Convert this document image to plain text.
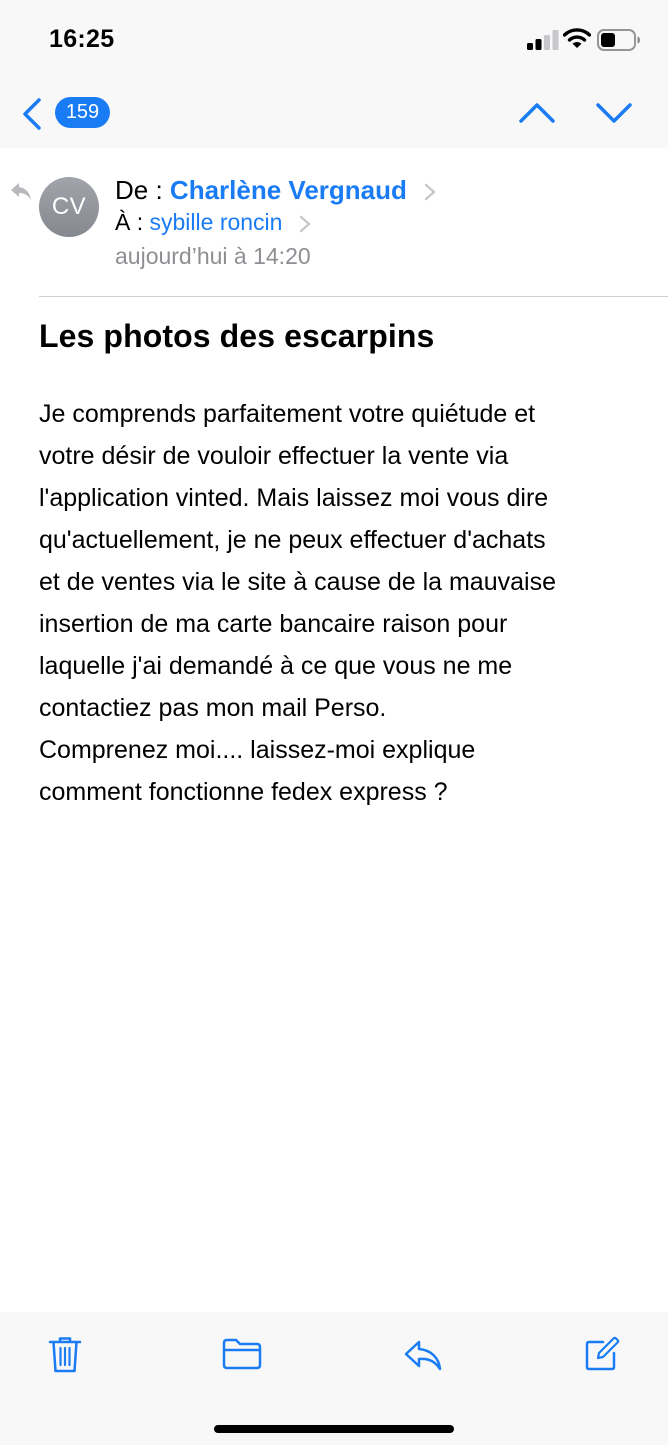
16:25
159
CV
De : Charlène Vergnaud
À : sybille roncin
aujourd’hui à 14:20
Les photos des escarpins

Je comprends parfaitement votre quiétude et

votre désir de vouloir effectuer la vente via

l'application vinted. Mais laissez moi vous dire

qu'actuellement, je ne peux effectuer d'achats

et de ventes via le site à cause de la mauvaise

insertion de ma carte bancaire raison pour

laquelle j'ai demandé à ce que vous ne me

contactiez pas mon mail Perso.

Comprenez moi.... laissez-moi explique

comment fonctionne fedex express ?
